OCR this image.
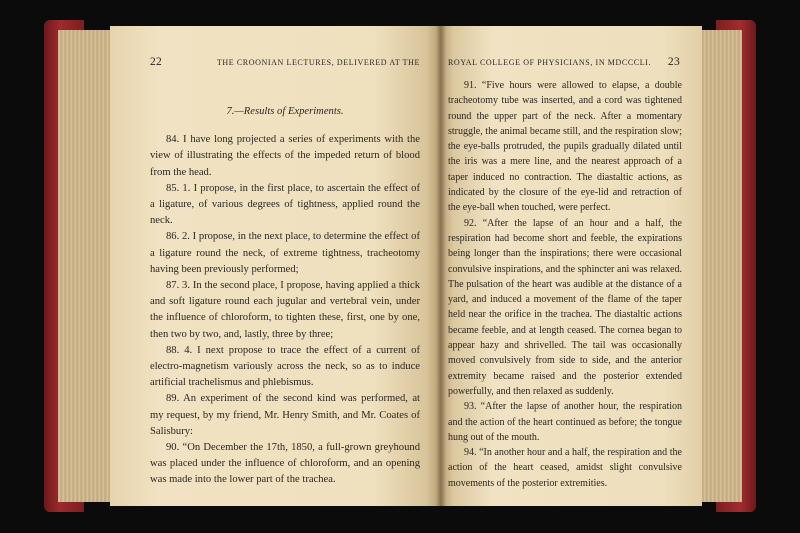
22	THE CROONIAN LECTURES, DELIVERED AT THE

7.—Results of Experiments.

84. I have long projected a series of experiments with the view of illustrating the effects of the impeded return of blood from the head.

85. 1. I propose, in the first place, to ascertain the effect of a ligature, of various degrees of tightness, applied round the neck.

86. 2. I propose, in the next place, to determine the effect of a ligature round the neck, of extreme tightness, tracheotomy having been previously performed;

87. 3. In the second place, I propose, having applied a thick and soft ligature round each jugular and vertebral vein, under the influence of chloroform, to tighten these, first, one by one, then two by two, and, lastly, three by three;

88. 4. I next propose to trace the effect of a current of electro-magnetism variously across the neck, so as to induce artificial trachelismus and phlebismus.

89. An experiment of the second kind was performed, at my request, by my friend, Mr. Henry Smith, and Mr. Coates of Salisbury:

90. “On December the 17th, 1850, a full-grown greyhound was placed under the influence of chloroform, and an opening was made into the lower part of the trachea.

ROYAL COLLEGE OF PHYSICIANS, IN MDCCCLI. 23

91. “Five hours were allowed to elapse, a double tracheotomy tube was inserted, and a cord was tightened round the upper part of the neck. After a momentary struggle, the animal became still, and the respiration slow; the eye-balls protruded, the pupils gradually dilated until the iris was a mere line, and the nearest approach of a taper induced no contraction. The diastaltic actions, as indicated by the closure of the eye-lid and retraction of the eye-ball when touched, were perfect.

92. “After the lapse of an hour and a half, the respiration had become short and feeble, the expirations being longer than the inspirations; there were occasional convulsive inspirations, and the sphincter ani was relaxed. The pulsation of the heart was audible at the distance of a yard, and induced a movement of the flame of the taper held near the orifice in the trachea. The diastaltic actions became feeble, and at length ceased. The cornea began to appear hazy and shrivelled. The tail was occasionally moved convulsively from side to side, and the anterior extremity became raised and the posterior extended powerfully, and then relaxed as suddenly.

93. “After the lapse of another hour, the respiration and the action of the heart continued as before; the tongue hung out of the mouth.

94. “In another hour and a half, the respiration and the action of the heart ceased, amidst slight convulsive movements of the posterior extremities.
